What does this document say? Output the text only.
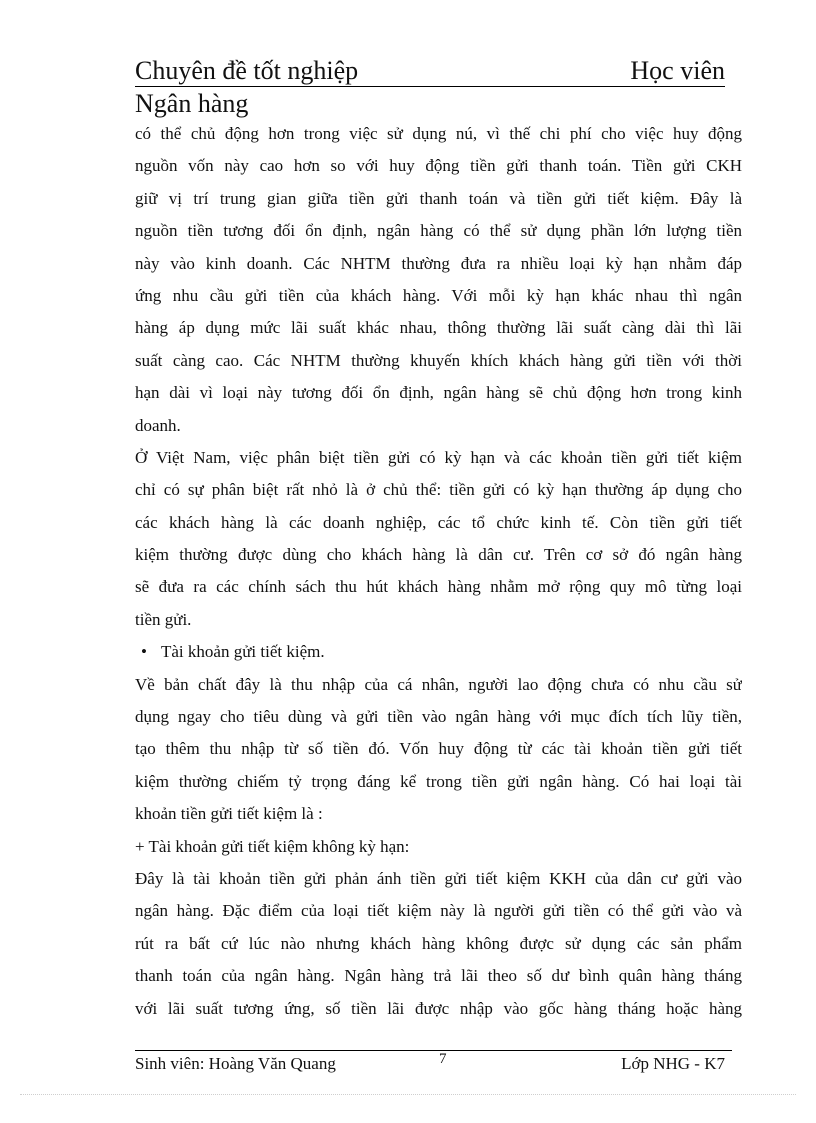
Chuyên đề tốt nghiệp	Học viên
Ngân hàng
có thể chủ động hơn trong việc sử dụng nú, vì thế chi phí cho việc huy động
nguồn vốn này cao hơn so với huy động tiền gửi thanh toán. Tiền gửi CKH
giữ vị trí trung gian giữa tiền gửi thanh toán và tiền gửi tiết kiệm. Đây là
nguồn tiền tương đối ổn định, ngân hàng có thể sử dụng phần lớn lượng tiền
này vào kinh doanh. Các NHTM thường đưa ra nhiều loại kỳ hạn nhằm đáp
ứng nhu cầu gửi tiền của khách hàng. Với mỗi kỳ hạn khác nhau thì ngân
hàng áp dụng mức lãi suất khác nhau, thông thường lãi suất càng dài thì lãi
suất càng cao. Các NHTM thường khuyến khích khách hàng gửi tiền với thời
hạn dài vì loại này tương đối ổn định, ngân hàng sẽ chủ động hơn trong kinh
doanh.
Ở Việt Nam, việc phân biệt tiền gửi có kỳ hạn và các khoản tiền gửi tiết kiệm
chỉ có sự phân biệt rất nhỏ là ở chủ thể: tiền gửi có kỳ hạn thường áp dụng cho
các khách hàng là các doanh nghiệp, các tổ chức kinh tế. Còn tiền gửi tiết
kiệm thường được dùng cho khách hàng là dân cư. Trên cơ sở đó ngân hàng
sẽ đưa ra các chính sách thu hút khách hàng nhằm mở rộng quy mô từng loại
tiền gửi.
• Tài khoản gửi tiết kiệm.
Về bản chất đây là thu nhập của cá nhân, người lao động chưa có nhu cầu sử
dụng ngay cho tiêu dùng và gửi tiền vào ngân hàng với mục đích tích lũy tiền,
tạo thêm thu nhập từ số tiền đó. Vốn huy động từ các tài khoản tiền gửi tiết
kiệm thường chiếm tỷ trọng đáng kể trong tiền gửi ngân hàng. Có hai loại tài
khoản tiền gửi tiết kiệm là :
+ Tài khoản gửi tiết kiệm không kỳ hạn:
Đây là tài khoản tiền gửi phản ánh tiền gửi tiết kiệm KKH của dân cư gửi vào
ngân hàng. Đặc điểm của loại tiết kiệm này là người gửi tiền có thể gửi vào và
rút ra bất cứ lúc nào nhưng khách hàng không được sử dụng các sản phẩm
thanh toán của ngân hàng. Ngân hàng trả lãi theo số dư bình quân hàng tháng
với lãi suất tương ứng, số tiền lãi được nhập vào gốc hàng tháng hoặc hàng
Sinh viên: Hoàng Văn Quang	7	Lớp NHG - K7
